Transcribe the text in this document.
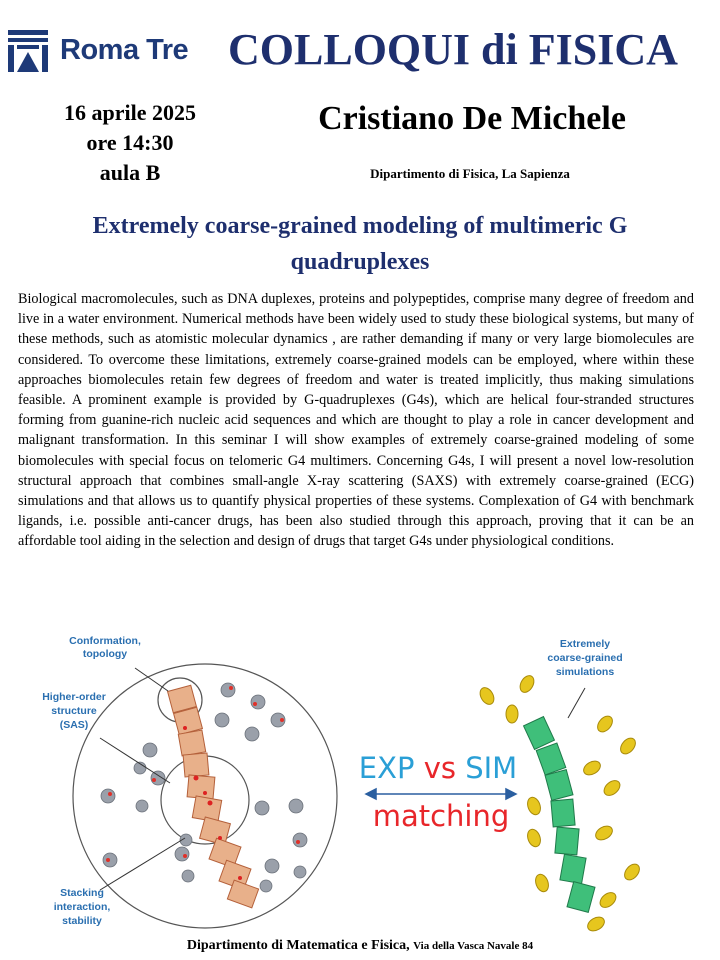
Roma Tre COLLOQUI di FISICA
16 aprile 2025
ore 14:30
aula B
Cristiano De Michele
Dipartimento di Fisica, La Sapienza
Extremely coarse-grained modeling of multimeric G quadruplexes
Biological macromolecules, such as DNA duplexes, proteins and polypeptides, comprise many degree of freedom and live in a water environment. Numerical methods have been widely used to study these biological systems, but many of these methods, such as atomistic molecular dynamics , are rather demanding if many or very large biomolecules are considered. To overcome these limitations, extremely coarse-grained models can be employed, where within these approaches biomolecules retain few degrees of freedom and water is treated implicitly, thus making simulations feasible. A prominent example is provided by G-quadruplexes (G4s), which are helical four-stranded structures forming from guanine-rich nucleic acid sequences and which are thought to play a role in cancer development and malignant transformation. In this seminar I will show examples of extremely coarse-grained modeling of some biomolecules with special focus on telomeric G4 multimers. Concerning G4s, I will present a novel low-resolution structural approach that combines small-angle X-ray scattering (SAXS) with extremely coarse-grained (ECG) simulations and that allows us to quantify physical properties of these systems. Complexation of G4 with benchmark ligands, i.e. possible anti-cancer drugs, has been also studied through this approach, proving that it can be an affordable tool aiding in the selection and design of drugs that target G4s under physiological conditions.
Conformation,
topology
Higher-order
structure
(SAS)
Stacking
interaction,
stability
Extremely
coarse-grained
simulations
EXP vs SIM
matching
Dipartimento di Matematica e Fisica, Via della Vasca Navale 84
